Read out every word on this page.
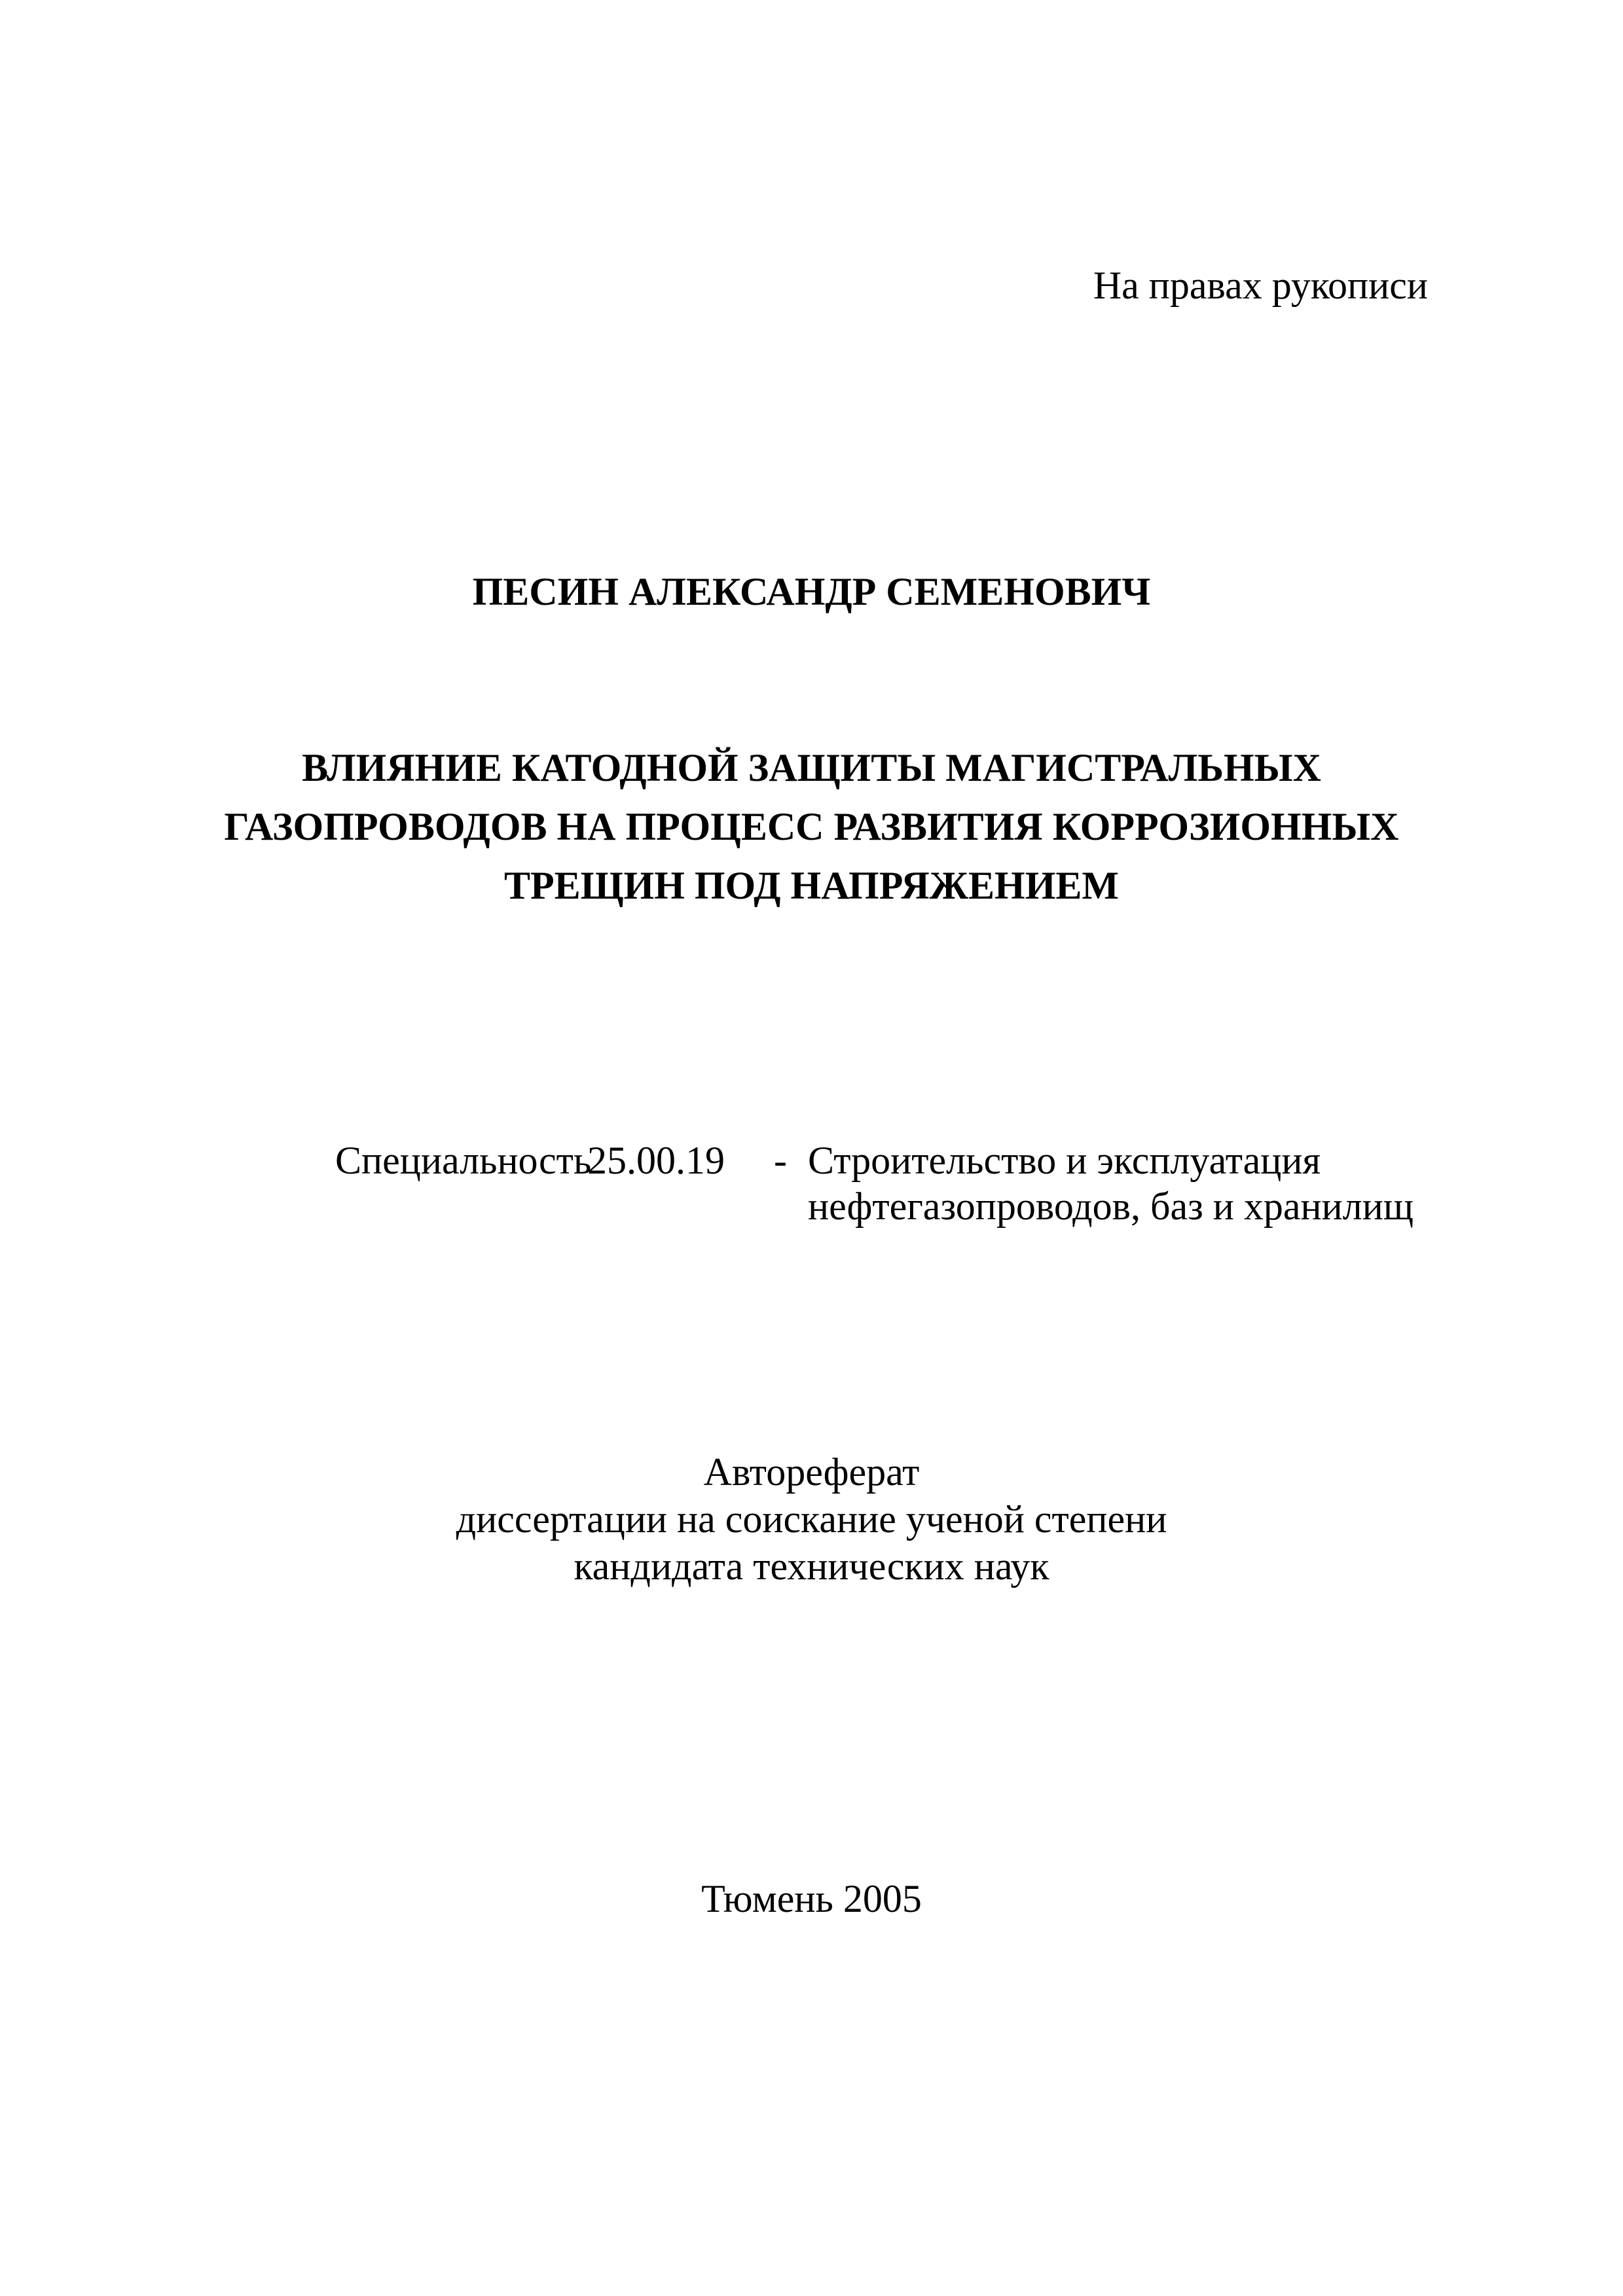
На правах рукописи
ПЕСИН АЛЕКСАНДР СЕМЕНОВИЧ
ВЛИЯНИЕ КАТОДНОЙ ЗАЩИТЫ МАГИСТРАЛЬНЫХ
ГАЗОПРОВОДОВ НА ПРОЦЕСС РАЗВИТИЯ КОРРОЗИОННЫХ
ТРЕЩИН ПОД НАПРЯЖЕНИЕМ
Специальность
25.00.19	- Строительство и эксплуатация
нефтегазопроводов, баз и хранилищ
Автореферат
диссертации на соискание ученой степени
кандидата технических наук
Тюмень 2005
